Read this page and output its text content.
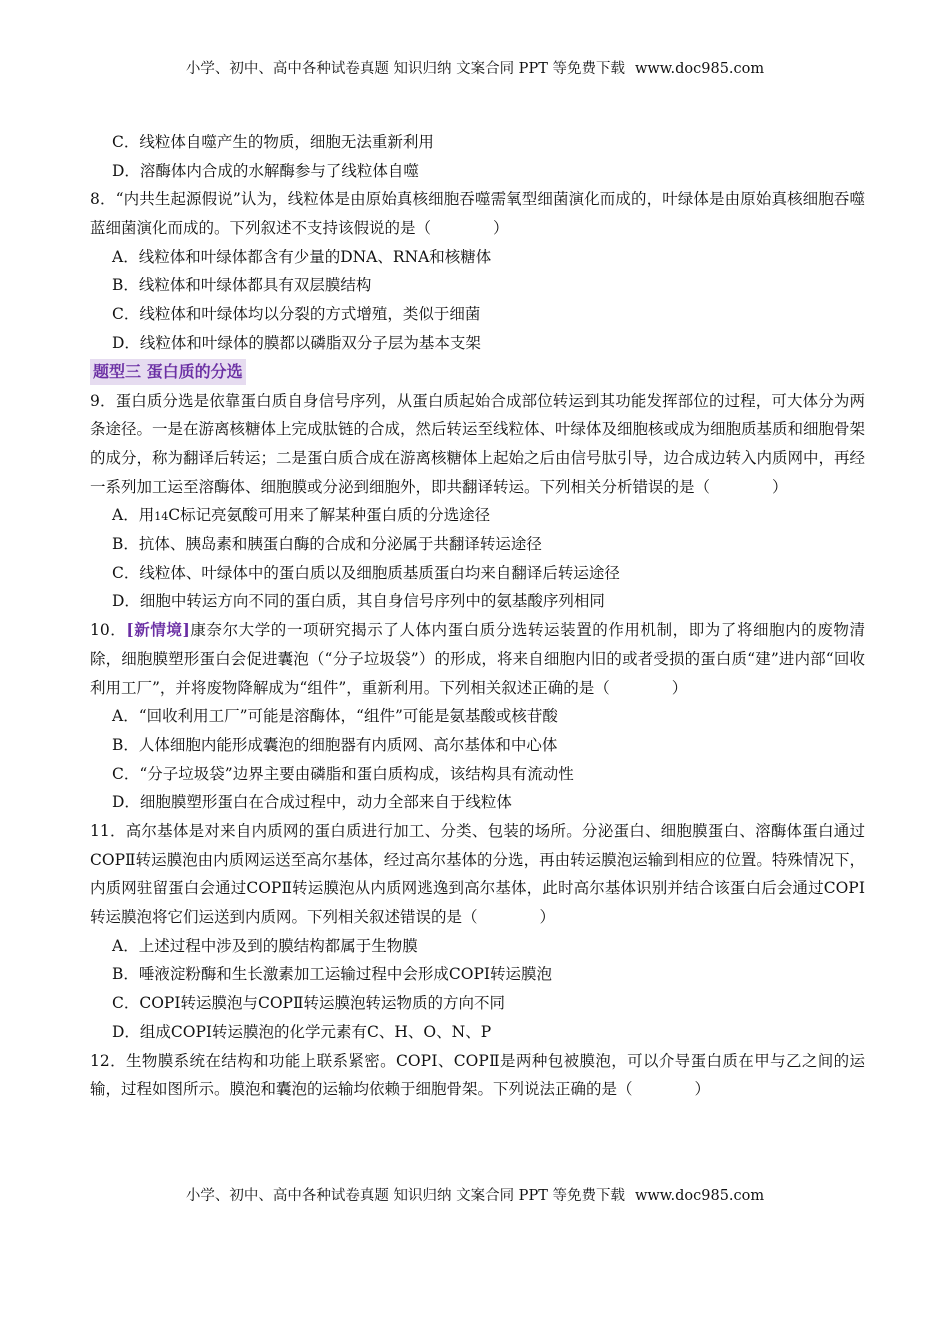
小学、初中、高中各种试卷真题 知识归纳 文案合同 PPT 等免费下载 www.doc985.com
C．线粒体自噬产生的物质，细胞无法重新利用
D．溶酶体内合成的水解酶参与了线粒体自噬
8．“内共生起源假说”认为，线粒体是由原始真核细胞吞噬需氧型细菌演化而成的，叶绿体是由原始真核细胞吞噬蓝细菌演化而成的。下列叙述不支持该假说的是（　　　　）
A．线粒体和叶绿体都含有少量的DNA、RNA和核糖体
B．线粒体和叶绿体都具有双层膜结构
C．线粒体和叶绿体均以分裂的方式增殖，类似于细菌
D．线粒体和叶绿体的膜都以磷脂双分子层为基本支架
题型三 蛋白质的分选
9．蛋白质分选是依靠蛋白质自身信号序列，从蛋白质起始合成部位转运到其功能发挥部位的过程，可大体分为两条途径。一是在游离核糖体上完成肽链的合成，然后转运至线粒体、叶绿体及细胞核或成为细胞质基质和细胞骨架的成分，称为翻译后转运；二是蛋白质合成在游离核糖体上起始之后由信号肽引导，边合成边转入内质网中，再经一系列加工运至溶酶体、细胞膜或分泌到细胞外，即共翻译转运。下列相关分析错误的是（　　　　）
A．用14C标记亮氨酸可用来了解某种蛋白质的分选途径
B．抗体、胰岛素和胰蛋白酶的合成和分泌属于共翻译转运途径
C．线粒体、叶绿体中的蛋白质以及细胞质基质蛋白均来自翻译后转运途径
D．细胞中转运方向不同的蛋白质，其自身信号序列中的氨基酸序列相同
10．[新情境]康奈尔大学的一项研究揭示了人体内蛋白质分选转运装置的作用机制，即为了将细胞内的废物清除，细胞膜塑形蛋白会促进囊泡（“分子垃圾袋”）的形成，将来自细胞内旧的或者受损的蛋白质“建”进内部“回收利用工厂”，并将废物降解成为“组件”，重新利用。下列相关叙述正确的是（　　　　）
A．“回收利用工厂”可能是溶酶体，“组件”可能是氨基酸或核苷酸
B．人体细胞内能形成囊泡的细胞器有内质网、高尔基体和中心体
C．“分子垃圾袋”边界主要由磷脂和蛋白质构成，该结构具有流动性
D．细胞膜塑形蛋白在合成过程中，动力全部来自于线粒体
11．高尔基体是对来自内质网的蛋白质进行加工、分类、包装的场所。分泌蛋白、细胞膜蛋白、溶酶体蛋白通过COPⅡ转运膜泡由内质网运送至高尔基体，经过高尔基体的分选，再由转运膜泡运输到相应的位置。特殊情况下，内质网驻留蛋白会通过COPⅡ转运膜泡从内质网逃逸到高尔基体，此时高尔基体识别并结合该蛋白后会通过COPⅠ转运膜泡将它们运送到内质网。下列相关叙述错误的是（　　　　）
A．上述过程中涉及到的膜结构都属于生物膜
B．唾液淀粉酶和生长激素加工运输过程中会形成COPⅠ转运膜泡
C．COPⅠ转运膜泡与COPⅡ转运膜泡转运物质的方向不同
D．组成COPⅠ转运膜泡的化学元素有C、H、O、N、P
12．生物膜系统在结构和功能上联系紧密。COPⅠ、COPⅡ是两种包被膜泡，可以介导蛋白质在甲与乙之间的运输，过程如图所示。膜泡和囊泡的运输均依赖于细胞骨架。下列说法正确的是（　　　　）
小学、初中、高中各种试卷真题 知识归纳 文案合同 PPT 等免费下载 www.doc985.com
